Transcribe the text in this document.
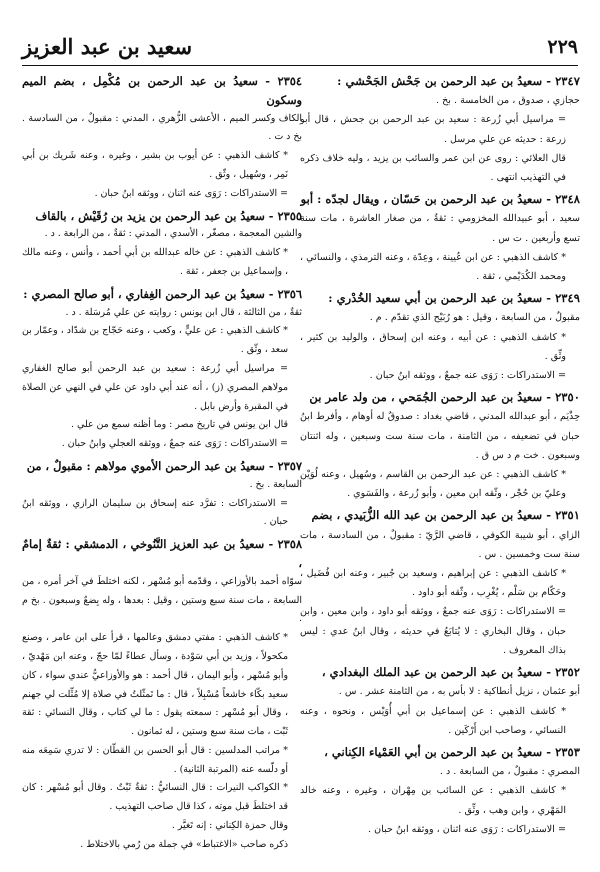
سعيد بن عبد العزيز	٢٢٩

٢٣٤٧ - سعيدُ بن عبد الرحمن بن جَحْش الجَحْشي :

حجازي ، صدوق ، من الخامسة . بخ .

= مراسيل أبي زُرعة : سعيد بن عبد الرحمن بن جحش ، قال أبو زرعة : حديثه عن علي مرسل .

قال العلائي : روى عن ابن عمر والسائب بن يزيد ، وليه خلاف ذكره في التهذيب انتهى .

٢٣٤٨ - سعيدُ بن عبد الرحمن بن حَسّان ، ويقال لجدّه : أبو

سعيد ، أبو عبيدالله المخزومي : ثقةٌ ، من صغار العاشرة ، مات سنة تسع وأربعين . ت س .

* كاشف الذهبي : عن ابن عُيينة ، وعِدّة ، وعنه الترمذي ، والنسائي ، ومحمد الكُدَيْمي ، ثقة .

٢٣٤٩ - سعيدُ بن عبد الرحمن بن أبي سعيد الخُدْري :

مقبولٌ ، من السابعة ، وقيل : هو رُبَيْح الذي تقدّم . م .

* كاشف الذهبي : عن أبيه ، وعنه ابن إسحاق ، والوليد بن كثير ، وثِّق .

= الاستدراكات : رَوَى عنه جمعٌ ، ووثقه ابنُ حبان .

٢٣٥٠ - سعيدُ بن عبد الرحمن الجُمَحي ، من ولد عامر بن

حِذْيَم ، أبو عبدالله المدني ، قاضي بغداد : صدوقٌ له أوهام ، وأفرط ابنُ حبان في تضعيفه ، من الثامنة ، مات سنة ست وسبعين ، وله اثنتان وسبعون . خت م د س ق .

* كاشف الذهبي : عن عبد الرحمن بن القاسم ، وسُهيل ، وعنه لُوَيْن وعليّ بن حُجْر ، وثّقه ابن معين ، وأبو زُرعة ، والفَسَوي .

٢٣٥١ - سعيدُ بن عبد الرحمن بن عبد الله الزُّبَيدي ، بضم

الزاي ، أبو شيبة الكوفي ، قاضي الرَّيّ : مقبولٌ ، من السادسة ، مات سنة ست وخمسين . س .

* كاشف الذهبي : عن إبراهيم ، وسعيد بن جُبير ، وعنه ابن فُضَيل ، وحَكّام بن سَلْم ، يُغْرِب ، وثّقه أبو داود .

= الاستدراكات : رَوَى عنه جمعٌ ، ووثقه أبو داود ، وابن معين ، وابن حبان ، وقال البخاري : لا يُتابَعُ في حديثه ، وقال ابنُ عدي : ليس بذاك المعروف .

٢٣٥٢ - سعيدُ بن عبد الرحمن بن عبد الملك البغدادي ،

أبو عثمان ، نزيل أنطاكية : لا بأس به ، من الثامنة عشر . س .

* كاشف الذهبي : عن إسماعيل بن أبي أُوَيْس ، ونحوه ، وعنه النسائي ، وصاحب ابن أَرْكَين .

٢٣٥٣ - سعيدُ بن عبد الرحمن بن أبي العَمْياء الكِناني ،

المصري : مقبولٌ ، من السابعة . د .

* كاشف الذهبي : عن السائب بن مِهْران ، وغيره ، وعنه خالد المَهْري ، وابن وهب ، وثِّق .

= الاستدراكات : رَوَى عنه اثنان ، ووثقه ابنُ حبان .

٢٣٥٤ - سعيدُ بن عبد الرحمن بن مُكْمِل ، بضم الميم وسكون

الكاف وكسر الميم ، الأعشى الزُّهري ، المدني : مقبولٌ ، من السادسة . بخ د ت .

* كاشف الذهبي : عن أيوب بن بشير ، وغيره ، وعنه شَريك بن أبي نَمِر ، وسُهيل ، وثّق .

= الاستدراكات : رَوَى عنه اثنان ، ووثقه ابنُ حبان .

٢٣٥٥ - سعيدُ بن عبد الرحمن بن يزيد بن رُقَيْش ، بالقاف

والشين المعجمة ، مصغّر ، الأسدي ، المدني : ثقةٌ ، من الرابعة . د .

* كاشف الذهبي : عن خاله عبدالله بن أبي أحمد ، وأنس ، وعنه مالك ، وإسماعيل بن جعفر ، ثقة .

٢٣٥٦ - سعيدُ بن عبد الرحمن الغِفاري ، أبو صالح المصري :

ثقةٌ ، من الثالثة ، قال ابن يونس : روايته عن علي مُرسَلة . د .

* كاشف الذهبي : عن عليٍّ ، وكعب ، وعنه حَجّاج بن شدّاد ، وعمّار بن سعد ، وثّق .

= مراسيل أبي زُرعة : سعيد بن عبد الرحمن أبو صالح الغفاري مولاهم المصري (ز) ، أنه عند أبي داود عن علي في النهي عن الصلاة في المقبرة وأرض بابل .

قال ابن يونس في تاريخ مصر : وما أظنه سمع من علي .

= الاستدراكات : رَوَى عنه جمعٌ ، ووثقه العجلي وابنُ حبان .

٢٣٥٧ - سعيدُ بن عبد الرحمن الأموي مولاهم : مقبولٌ ، من

السابعة . بخ .

= الاستدراكات : تفرَّد عنه إسحاق بن سليمان الرازي ، ووثقه ابنُ حبان .

٢٣٥٨ - سعيدُ بن عبد العزيز التَّنُوخي ، الدمشقي : ثقةٌ إمامٌ ،

سوّاه أحمد بالأوزاعي ، وقدّمه أبو مُسْهر ، لكنه اختلطَ في آخر أمره ، من السابعة ، مات سنة سبع وستين ، وقيل : بعدها ، وله بِضعٌ وسبعون . بخ م .

* كاشف الذهبي : مفتي دمشق وعالمها ، قرأ على ابن عامر ، وصنع مكحولاً ، وزيد بن أبي سَوْدة ، وسأل عطاءً لمّا حجّ ، وعنه ابن مَهْديّ ، وأبو مُسْهر ، وأبو اليمان ، قال أحمد : هو والأوزاعيُّ عندي سواء ، كان سعيد بكّاء خاشعاً مُسْبِلاً ، قال : ما تَمثّلتُ في صلاة إلا مُثِّلت لي جهنم ، وقال أبو مُسْهر : سمعته يقول : ما لي كتاب ، وقال النسائي : ثقة ثَبْت ، مات سنة سبع وستين ، له ثمانون .

* مراتب المدلسين : قال أبو الحسن بن القطّان : لا تدري سَمِعَه منه أو دلّسه عنه (المرتبة الثانية) .

* الكواكب النيرات : قال النسائيُّ : ثقةٌ ثَبْتٌ . وقال أبو مُسْهر : كان قد اختلطَ قبل موته ، كذا قال صاحب التهذيب .

وقال حمزة الكِناني : إنه تَغيَّر .

ذكره صاحب «الاغتباط» في جملة من رُمي بالاختلاط .
